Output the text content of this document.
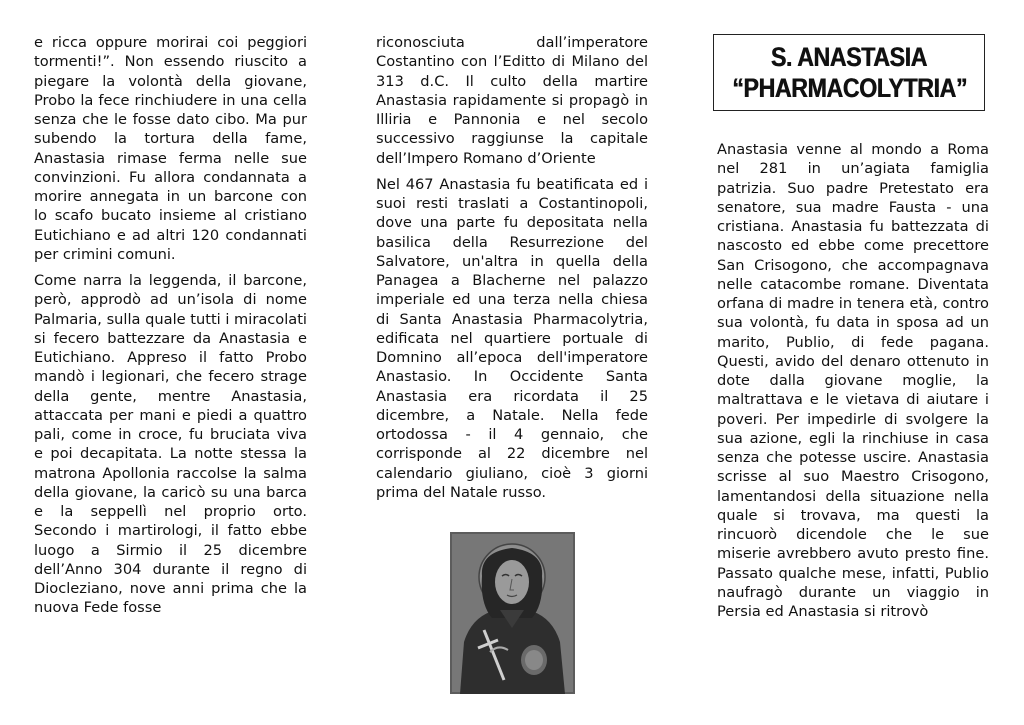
e ricca oppure morirai coi peggiori tormenti!”. Non essendo riuscito a piegare la volontà della giovane, Probo la fece rinchiudere in una cella senza che le fosse dato cibo. Ma pur subendo la tortura della fame, Anastasia rimase ferma nelle sue convinzioni. Fu allora condannata a morire annegata in un barcone con lo scafo bucato insieme al cristiano Eutichiano e ad altri 120 condannati per crimini comuni.

Come narra la leggenda, il barcone, però, approdò ad un’isola di nome Palmaria, sulla quale tutti i miracolati si fecero battezzare da Anastasia e Eutichiano. Appreso il fatto Probo mandò i legionari, che fecero strage della gente, mentre Anastasia, attaccata per mani e piedi a quattro pali, come in croce, fu bruciata viva e poi decapitata. La notte stessa la matrona Apollonia raccolse la salma della giovane, la caricò su una barca e la seppellì nel proprio orto. Secondo i martirologi, il fatto ebbe luogo a Sirmio il 25 dicembre dell’Anno 304 durante il regno di Diocleziano, nove anni prima che la nuova Fede fosse

riconosciuta dall’imperatore Costantino con l’Editto di Milano del 313 d.C. Il culto della martire Anastasia rapidamente si propagò in Illiria e Pannonia e nel secolo successivo raggiunse la capitale dell’Impero Romano d’Oriente

Nel 467 Anastasia fu beatificata ed i suoi resti traslati a Costantinopoli, dove una parte fu depositata nella basilica della Resurrezione del Salvatore, un'altra in quella della Panagea a Blacherne nel palazzo imperiale ed una terza nella chiesa di Santa Anastasia Pharmacolytria, edificata nel quartiere portuale di Domnino all’epoca dell'imperatore Anastasio. In Occidente Santa Anastasia era ricordata il 25 dicembre, a Natale. Nella fede ortodossa - il 4 gennaio, che corrisponde al 22 dicembre nel calendario giuliano, cioè 3 giorni prima del Natale russo.

S. ANASTASIA
“PHARMACOLYTRIA”

Anastasia venne al mondo a Roma nel 281 in un’agiata famiglia patrizia. Suo padre Pretestato era senatore, sua madre Fausta - una cristiana. Anastasia fu battezzata di nascosto ed ebbe come precettore San Crisogono, che accompagnava nelle catacombe romane. Diventata orfana di madre in tenera età, contro sua volontà, fu data in sposa ad un marito, Publio, di fede pagana. Questi, avido del denaro ottenuto in dote dalla giovane moglie, la maltrattava e le vietava di aiutare i poveri. Per impedirle di svolgere la sua azione, egli la rinchiuse in casa senza che potesse uscire. Anastasia scrisse al suo Maestro Crisogono, lamentandosi della situazione nella quale si trovava, ma questi la rincuorò dicendole che le sue miserie avrebbero avuto presto fine. Passato qualche mese, infatti, Publio naufragò durante un viaggio in Persia ed Anastasia si ritrovò
